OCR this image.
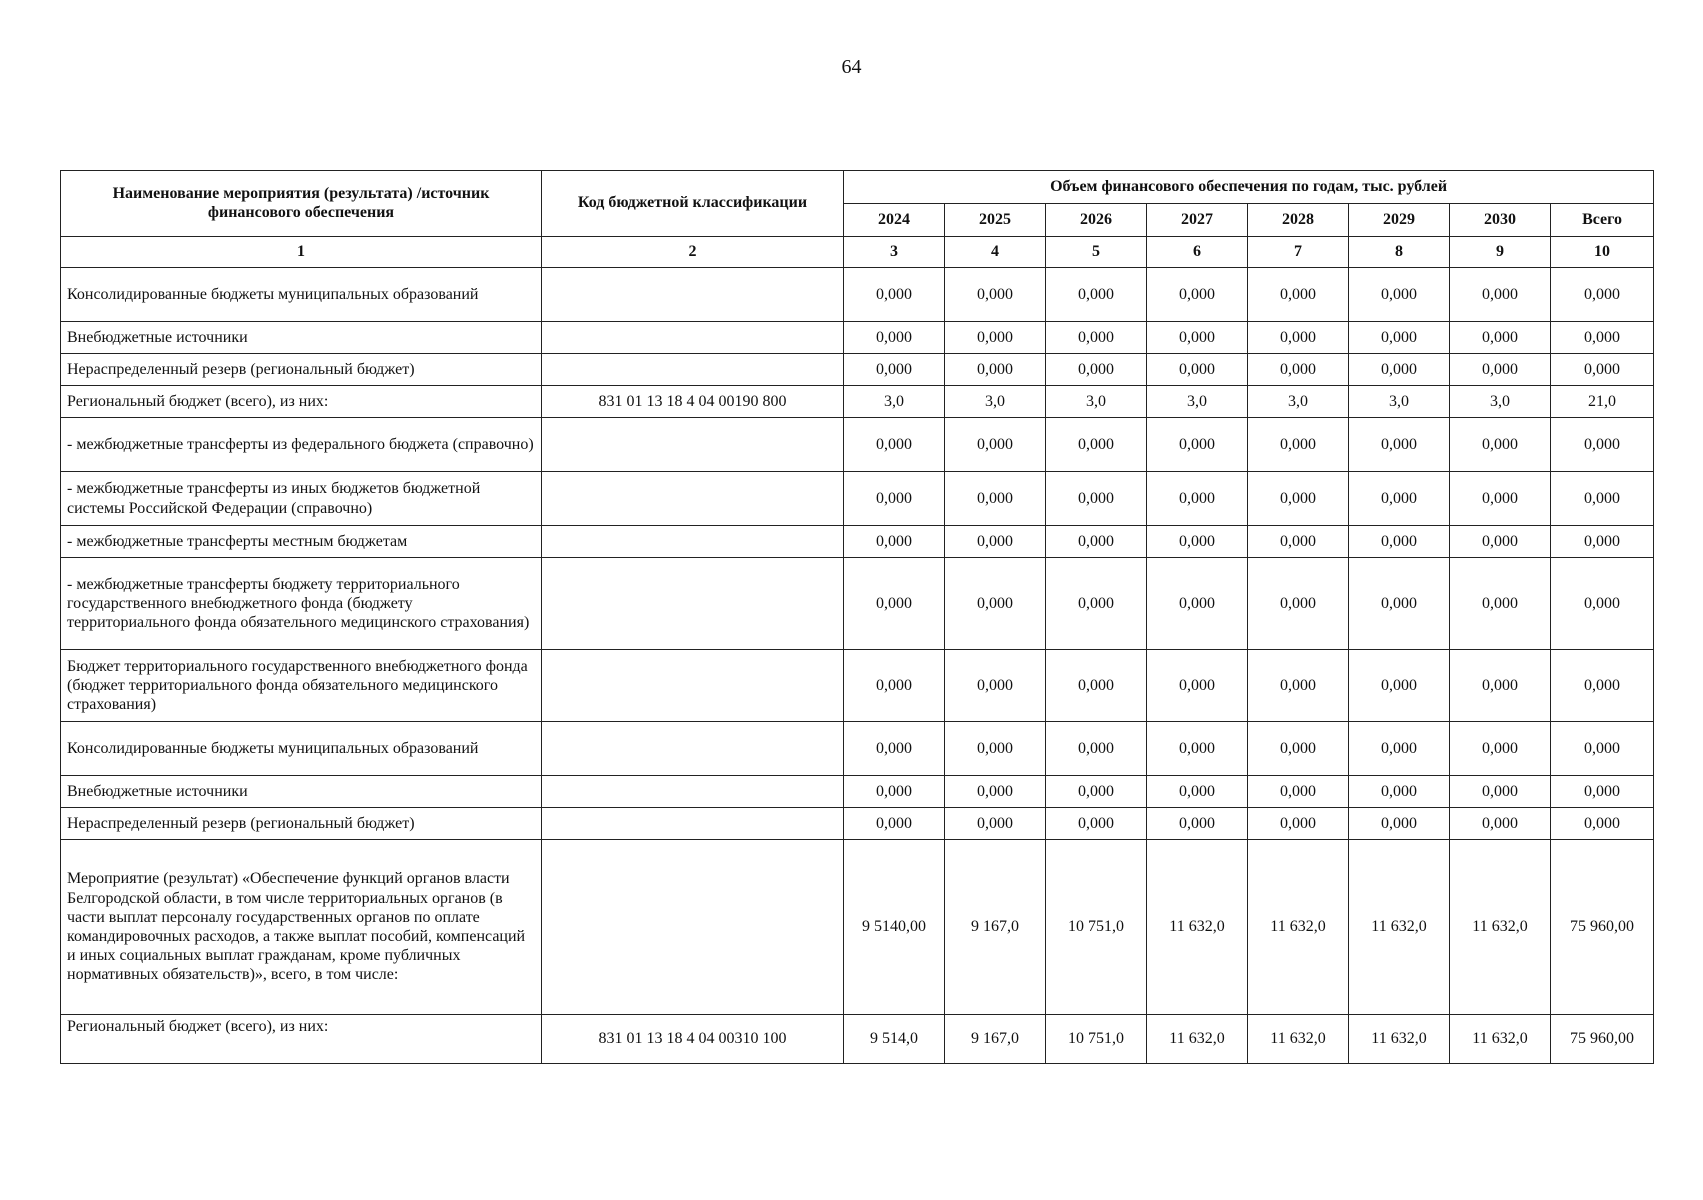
64
Наименование мероприятия (результата) /источник финансового обеспечения	Код бюджетной классификации	Объем финансового обеспечения по годам, тыс. рублей							
		2024	2025	2026	2027	2028	2029	2030	Всего
1	2	3	4	5	6	7	8	9	10
Консолидированные бюджеты муниципальных образований		0,000	0,000	0,000	0,000	0,000	0,000	0,000	0,000
Внебюджетные источники		0,000	0,000	0,000	0,000	0,000	0,000	0,000	0,000
Нераспределенный резерв (региональный бюджет)		0,000	0,000	0,000	0,000	0,000	0,000	0,000	0,000
Региональный бюджет (всего), из них:	831 01 13 18 4 04 00190 800	3,0	3,0	3,0	3,0	3,0	3,0	3,0	21,0
- межбюджетные трансферты из федерального бюджета (справочно)		0,000	0,000	0,000	0,000	0,000	0,000	0,000	0,000
- межбюджетные трансферты из иных бюджетов бюджетной системы Российской Федерации (справочно)		0,000	0,000	0,000	0,000	0,000	0,000	0,000	0,000
- межбюджетные трансферты местным бюджетам		0,000	0,000	0,000	0,000	0,000	0,000	0,000	0,000
- межбюджетные трансферты бюджету территориального государственного внебюджетного фонда (бюджету территориального фонда обязательного медицинского страхования)		0,000	0,000	0,000	0,000	0,000	0,000	0,000	0,000
Бюджет территориального государственного внебюджетного фонда (бюджет территориального фонда обязательного медицинского страхования)		0,000	0,000	0,000	0,000	0,000	0,000	0,000	0,000
Консолидированные бюджеты муниципальных образований		0,000	0,000	0,000	0,000	0,000	0,000	0,000	0,000
Внебюджетные источники		0,000	0,000	0,000	0,000	0,000	0,000	0,000	0,000
Нераспределенный резерв (региональный бюджет)		0,000	0,000	0,000	0,000	0,000	0,000	0,000	0,000
Мероприятие (результат) «Обеспечение функций органов власти Белгородской области, в том числе территориальных органов (в части выплат персоналу государственных органов по оплате командировочных расходов, а также выплат пособий, компенсаций и иных социальных выплат гражданам, кроме публичных нормативных обязательств)», всего, в том числе:		9 5140,00	9 167,0	10 751,0	11 632,0	11 632,0	11 632,0	11 632,0	75 960,00
Региональный бюджет (всего), из них:	831 01 13 18 4 04 00310 100	9 514,0	9 167,0	10 751,0	11 632,0	11 632,0	11 632,0	11 632,0	75 960,00
